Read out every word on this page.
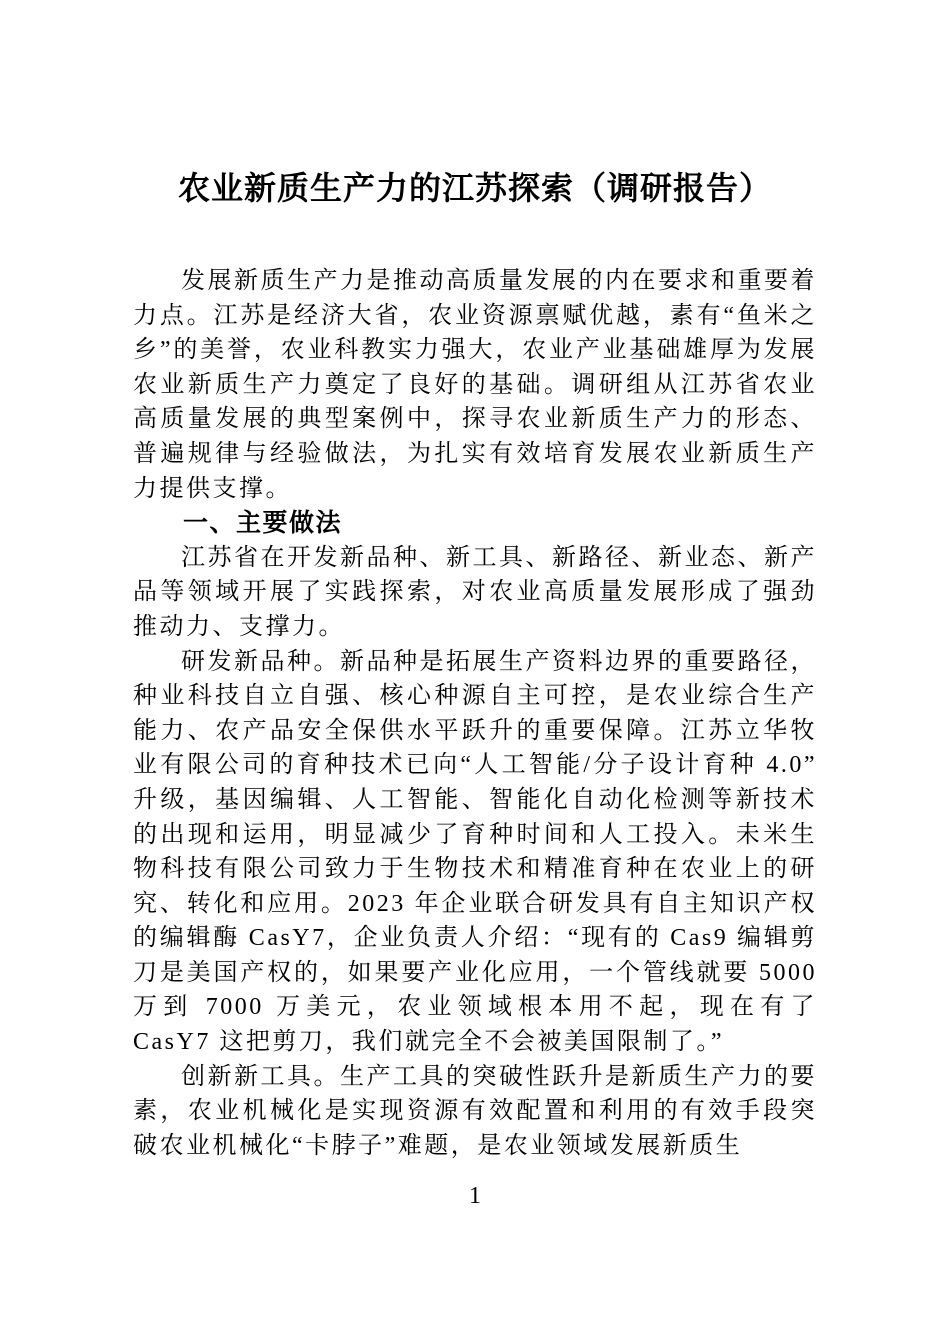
农业新质生产力的江苏探索（调研报告）

发展新质生产力是推动高质量发展的内在要求和重要着力点。江苏是经济大省，农业资源禀赋优越，素有“鱼米之乡”的美誉，农业科教实力强大，农业产业基础雄厚为发展农业新质生产力奠定了良好的基础。调研组从江苏省农业高质量发展的典型案例中，探寻农业新质生产力的形态、普遍规律与经验做法，为扎实有效培育发展农业新质生产力提供支撑。

一、主要做法

江苏省在开发新品种、新工具、新路径、新业态、新产品等领域开展了实践探索，对农业高质量发展形成了强劲推动力、支撑力。

研发新品种。新品种是拓展生产资料边界的重要路径，种业科技自立自强、核心种源自主可控，是农业综合生产能力、农产品安全保供水平跃升的重要保障。江苏立华牧业有限公司的育种技术已向“人工智能/分子设计育种 4.0”升级，基因编辑、人工智能、智能化自动化检测等新技术的出现和运用，明显减少了育种时间和人工投入。未米生物科技有限公司致力于生物技术和精准育种在农业上的研究、转化和应用。2023 年企业联合研发具有自主知识产权的编辑酶 CasY7，企业负责人介绍：“现有的 Cas9 编辑剪刀是美国产权的，如果要产业化应用，一个管线就要 5000 万到 7000 万美元，农业领域根本用不起，现在有了 CasY7 这把剪刀，我们就完全不会被美国限制了。”

创新新工具。生产工具的突破性跃升是新质生产力的要素，农业机械化是实现资源有效配置和利用的有效手段突破农业机械化“卡脖子”难题，是农业领域发展新质生

1
